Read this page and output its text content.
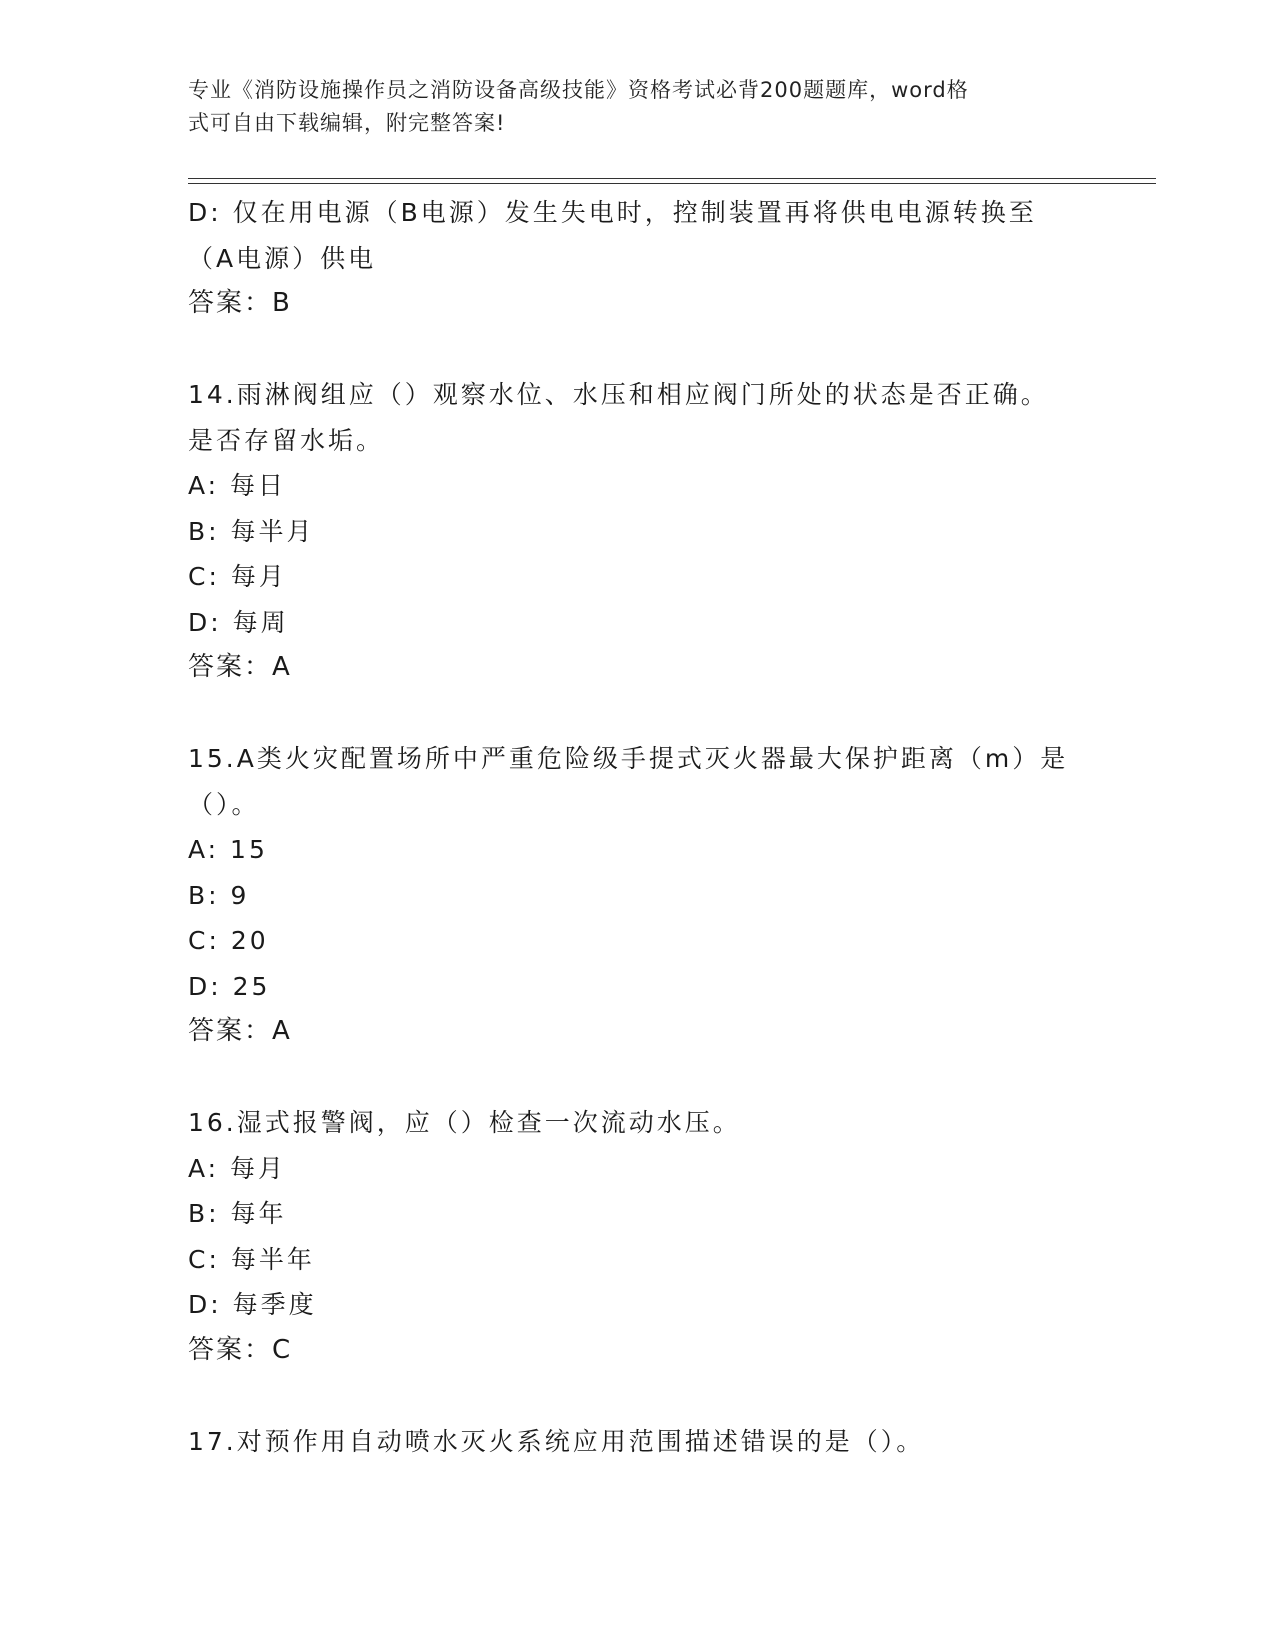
专业《消防设施操作员之消防设备高级技能》资格考试必背200题题库，word格
式可自由下载编辑，附完整答案!
D: 仅在用电源（B电源）发生失电时，控制装置再将供电电源转换至
（A电源）供电
答案：B
14.雨淋阀组应（）观察水位、水压和相应阀门所处的状态是否正确。
是否存留水垢。
A: 每日
B: 每半月
C: 每月
D: 每周
答案：A
15.A类火灾配置场所中严重危险级手提式灭火器最大保护距离（m）是
（）。
A: 15
B: 9
C: 20
D: 25
答案：A
16.湿式报警阀，应（）检查一次流动水压。
A: 每月
B: 每年
C: 每半年
D: 每季度
答案：C
17.对预作用自动喷水灭火系统应用范围描述错误的是（）。
